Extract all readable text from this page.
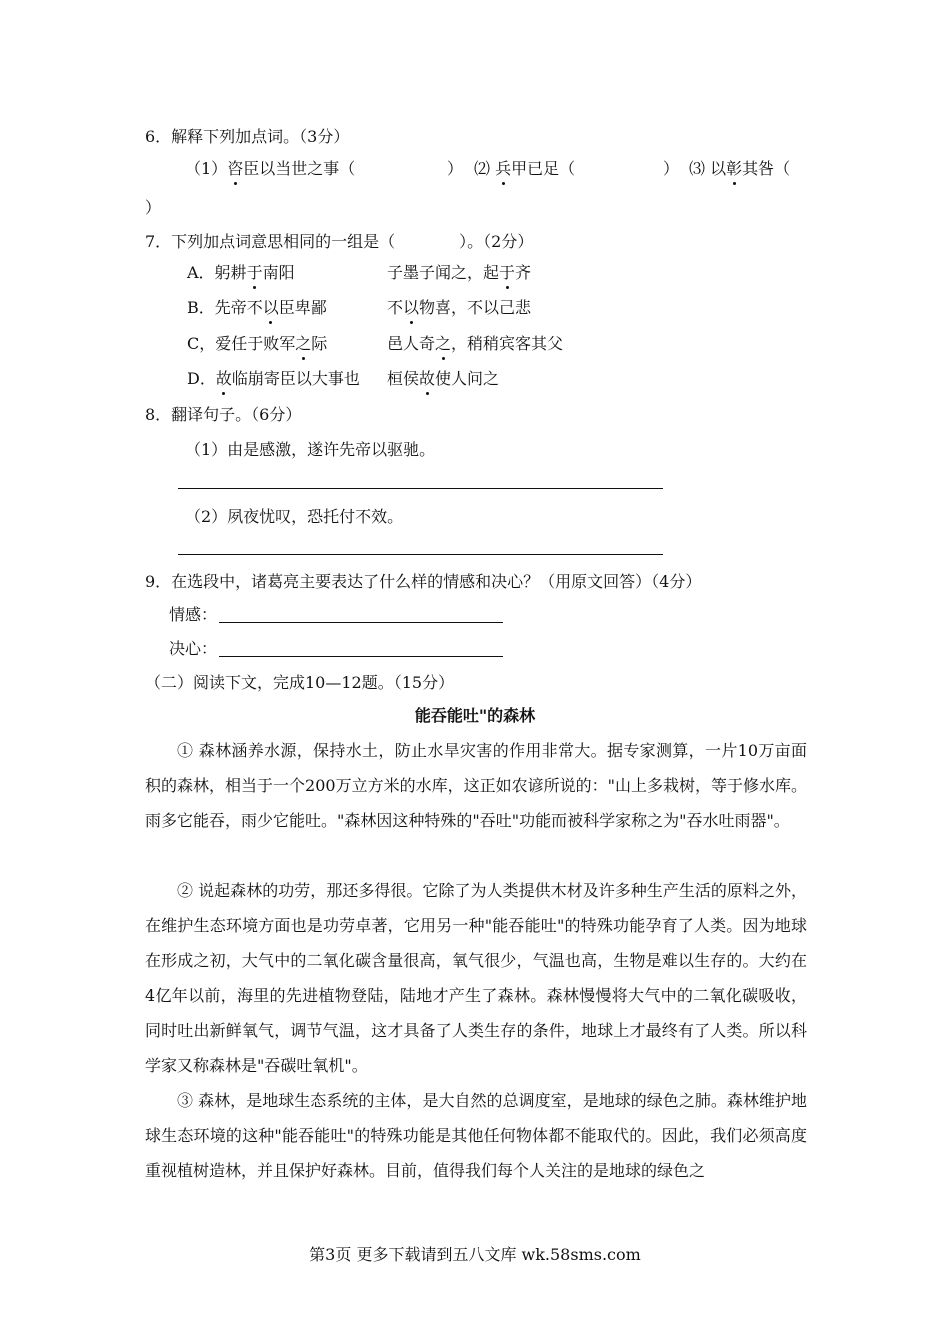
6．解释下列加点词。（3分）
（1）咨臣以当世之事（	） ⑵ 兵甲已足（	） ⑶ 以彰其咎（
）
7．下列加点词意思相同的一组是（　　　　）。（2分）
A．躬耕于南阳	子墨子闻之，起于齐
B．先帝不以臣卑鄙	不以物喜，不以己悲
C，爱任于败军之际	邑人奇之，稍稍宾客其父
D．故临崩寄臣以大事也 桓侯故使人问之
8．翻译句子。（6分）
（1）由是感激，遂许先帝以驱驰。
（2）夙夜忧叹，恐托付不效。
9．在选段中，诸葛亮主要表达了什么样的情感和决心？（用原文回答）（4分）
情感：
决心：
（二）阅读下文，完成10—12题。（15分）
能吞能吐"的森林
① 森林涵养水源，保持水土，防止水旱灾害的作用非常大。据专家测算，一片10万亩面积的森林，相当于一个200万立方米的水库，这正如农谚所说的："山上多栽树，等于修水库。雨多它能吞，雨少它能吐。"森林因这种特殊的"吞吐"功能而被科学家称之为"吞水吐雨器"。
② 说起森林的功劳，那还多得很。它除了为人类提供木材及许多种生产生活的原料之外，在维护生态环境方面也是功劳卓著，它用另一种"能吞能吐"的特殊功能孕育了人类。因为地球在形成之初，大气中的二氧化碳含量很高，氧气很少，气温也高，生物是难以生存的。大约在4亿年以前，海里的先进植物登陆，陆地才产生了森林。森林慢慢将大气中的二氧化碳吸收，同时吐出新鲜氧气，调节气温，这才具备了人类生存的条件，地球上才最终有了人类。所以科学家又称森林是"吞碳吐氧机"。
③ 森林，是地球生态系统的主体，是大自然的总调度室，是地球的绿色之肺。森林维护地球生态环境的这种"能吞能吐"的特殊功能是其他任何物体都不能取代的。因此，我们必须高度重视植树造林，并且保护好森林。目前，值得我们每个人关注的是地球的绿色之
第3页 更多下载请到五八文库 wk.58sms.com
